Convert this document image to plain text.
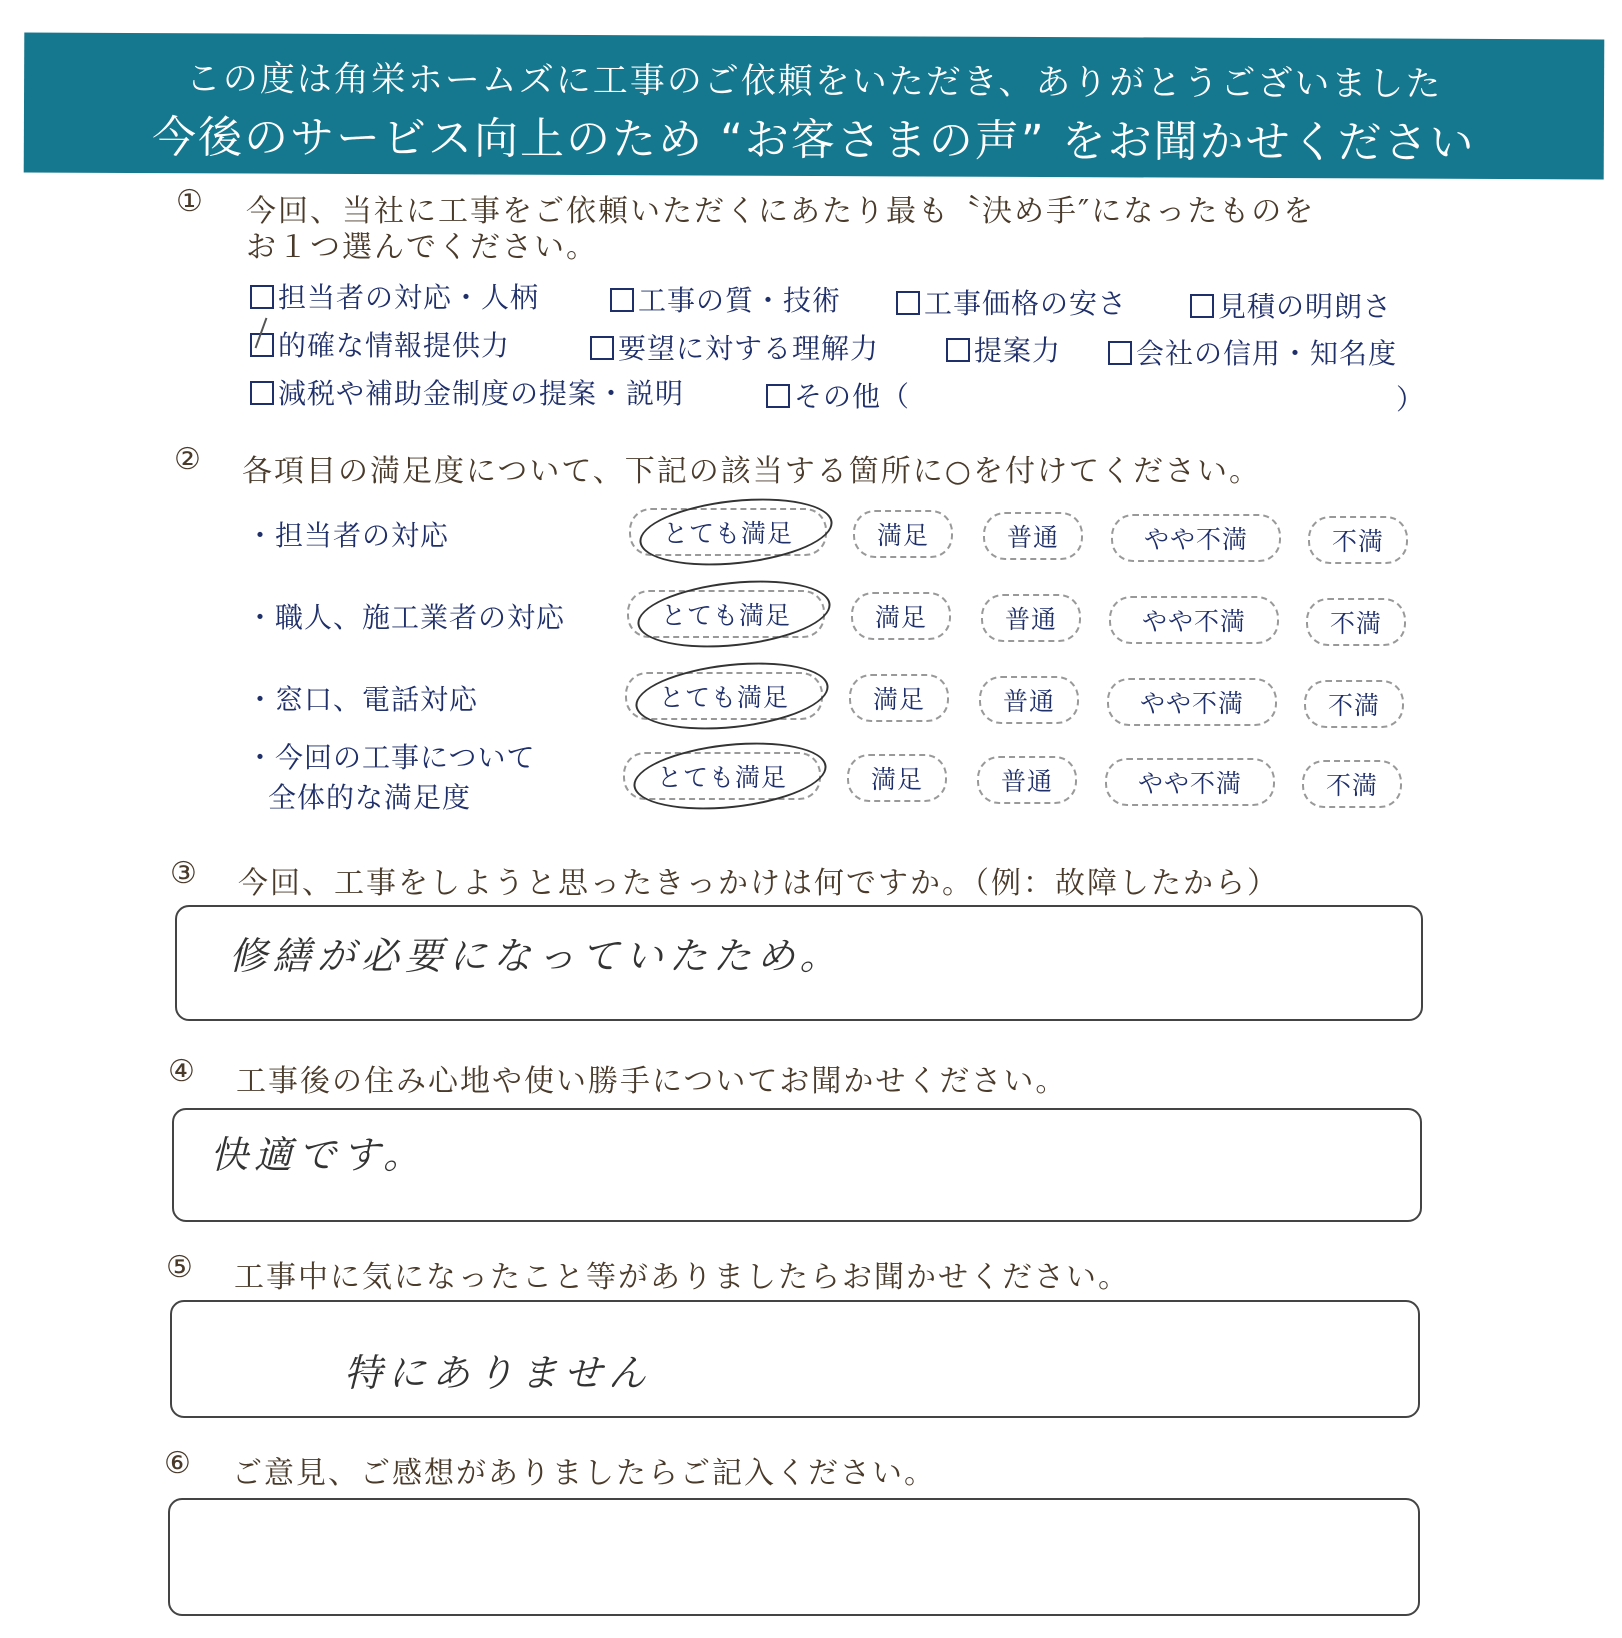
この度は角栄ホームズに工事のご依頼をいただき、ありがとうございました
今後のサービス向上のため “お客さまの声” をお聞かせください
① 今回、当社に工事をご依頼いただくにあたり最も〝決め手″になったものを
お１つ選んでください。
担当者の対応・人柄	工事の質・技術	工事価格の安さ	見積の明朗さ
的確な情報提供力	要望に対する理解力	提案力	会社の信用・知名度
減税や補助金制度の提案・説明	その他（	）
② 各項目の満足度について、下記の該当する箇所に○を付けてください。
・担当者の対応	とても満足	満足	普通	やや不満	不満
・職人、施工業者の対応	とても満足	満足	普通	やや不満	不満
・窓口、電話対応	とても満足	満足	普通	やや不満	不満
・今回の工事について
全体的な満足度
とても満足	満足	普通	やや不満	不満
③ 今回、工事をしようと思ったきっかけは何ですか。（例：故障したから）
修繕が必要になっていたため。
④ 工事後の住み心地や使い勝手についてお聞かせください。
快適です。
⑤ 工事中に気になったこと等がありましたらお聞かせください。
特にありません
⑥ ご意見、ご感想がありましたらご記入ください。
